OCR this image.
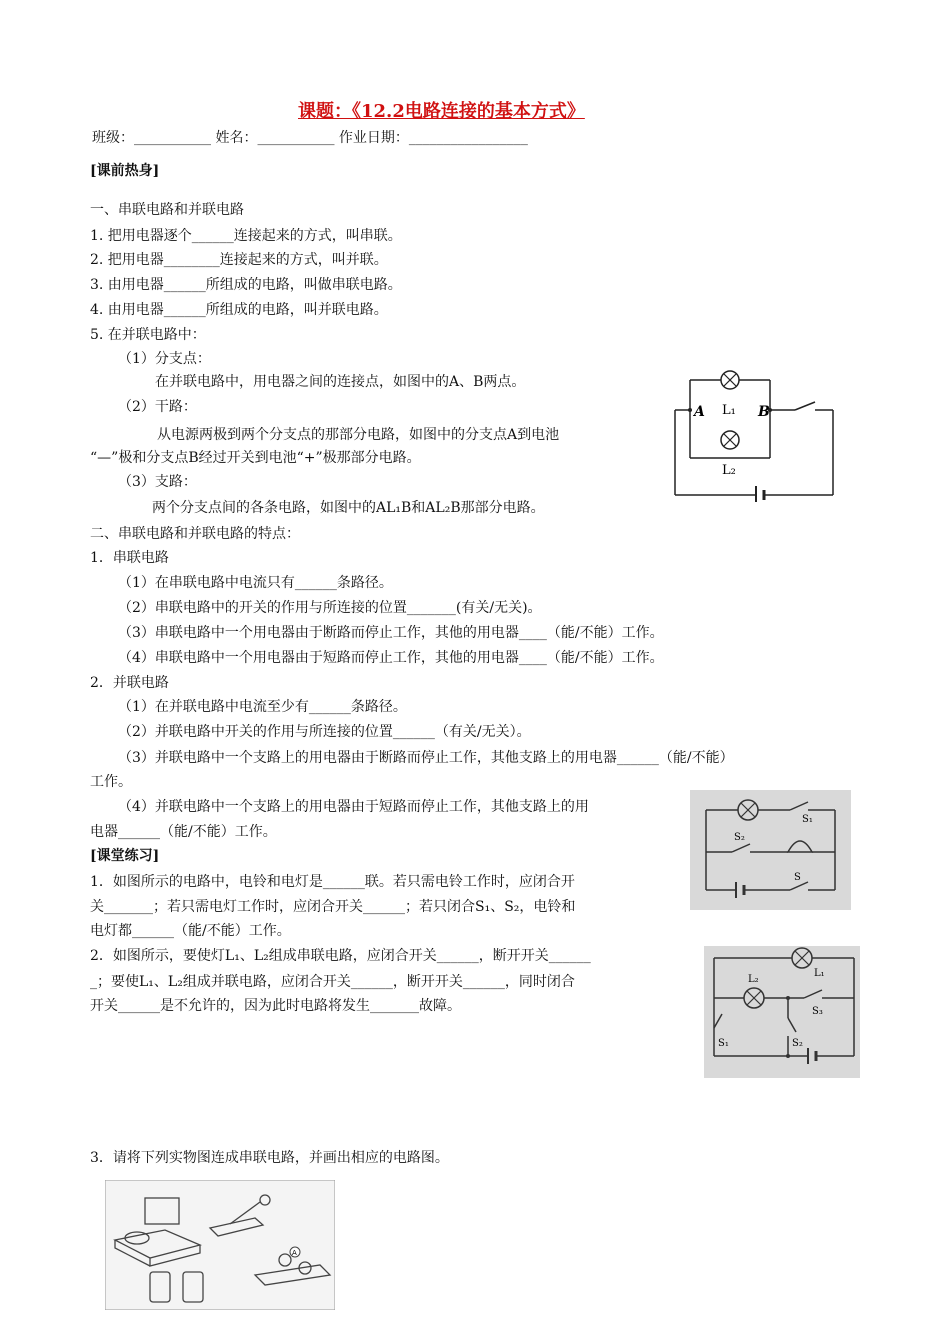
课题：《12.2电路连接的基本方式》
班级：___________ 姓名：___________ 作业日期：_________________
[课前热身]
一、串联电路和并联电路
1. 把用电器逐个______连接起来的方式，叫串联。
2. 把用电器________连接起来的方式，叫并联。
3. 由用电器______所组成的电路，叫做串联电路。
4. 由用电器______所组成的电路，叫并联电路。
5. 在并联电路中：
（1）分支点：
在并联电路中，用电器之间的连接点，如图中的A、B两点。
（2）干路：
从电源两极到两个分支点的那部分电路，如图中的分支点A到电池
“—”极和分支点B经过开关到电池“+”极那部分电路。
（3）支路：
两个分支点间的各条电路，如图中的AL₁B和AL₂B那部分电路。
A	B
L₁
L₂
二、串联电路和并联电路的特点：
1．串联电路
（1）在串联电路中电流只有______条路径。
（2）串联电路中的开关的作用与所连接的位置_______(有关/无关)。
（3）串联电路中一个用电器由于断路而停止工作，其他的用电器____（能/不能）工作。
（4）串联电路中一个用电器由于短路而停止工作，其他的用电器____（能/不能）工作。
2．并联电路
（1）在并联电路中电流至少有______条路径。
（2）并联电路中开关的作用与所连接的位置______（有关/无关）。
（3）并联电路中一个支路上的用电器由于断路而停止工作，其他支路上的用电器______（能/不能）
工作。
（4）并联电路中一个支路上的用电器由于短路而停止工作，其他支路上的用
电器______（能/不能）工作。
S₁
S₂
S
[课堂练习]
1．如图所示的电路中，电铃和电灯是______联。若只需电铃工作时，应闭合开
关_______；若只需电灯工作时，应闭合开关______；若只闭合S₁、S₂，电铃和
电灯都______（能/不能）工作。
2．如图所示，要使灯L₁、L₂组成串联电路，应闭合开关______，断开开关______
_；要使L₁、L₂组成并联电路，应闭合开关______，断开开关______，同时闭合
开关______是不允许的，因为此时电路将发生_______故障。
L₁
L₂
S₁	S₂
S₃
3．请将下列实物图连成串联电路，并画出相应的电路图。
A
